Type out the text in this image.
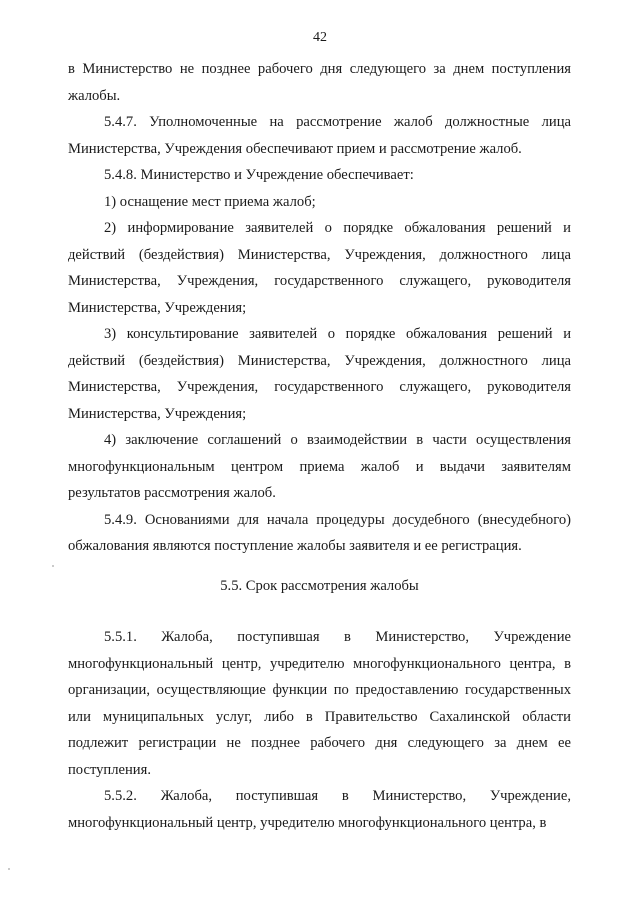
42

в Министерство не позднее рабочего дня следующего за днем поступления жалобы.

5.4.7. Уполномоченные на рассмотрение жалоб должностные лица Министерства, Учреждения обеспечивают прием и рассмотрение жалоб.

5.4.8. Министерство и Учреждение обеспечивает:

1) оснащение мест приема жалоб;

2) информирование заявителей о порядке обжалования решений и действий (бездействия) Министерства, Учреждения, должностного лица Министерства, Учреждения, государственного служащего, руководителя Министерства, Учреждения;

3) консультирование заявителей о порядке обжалования решений и действий (бездействия) Министерства, Учреждения, должностного лица Министерства, Учреждения, государственного служащего, руководителя Министерства, Учреждения;

4) заключение соглашений о взаимодействии в части осуществления многофункциональным центром приема жалоб и выдачи заявителям результатов рассмотрения жалоб.

5.4.9. Основаниями для начала процедуры досудебного (внесудебного) обжалования являются поступление жалобы заявителя и ее регистрация.

5.5. Срок рассмотрения жалобы

5.5.1. Жалоба, поступившая в Министерство, Учреждение многофункциональный центр, учредителю многофункционального центра, в организации, осуществляющие функции по предоставлению государственных или муниципальных услуг, либо в Правительство Сахалинской области подлежит регистрации не позднее рабочего дня следующего за днем ее поступления.

5.5.2. Жалоба, поступившая в Министерство, Учреждение, многофункциональный центр, учредителю многофункционального центра, в
